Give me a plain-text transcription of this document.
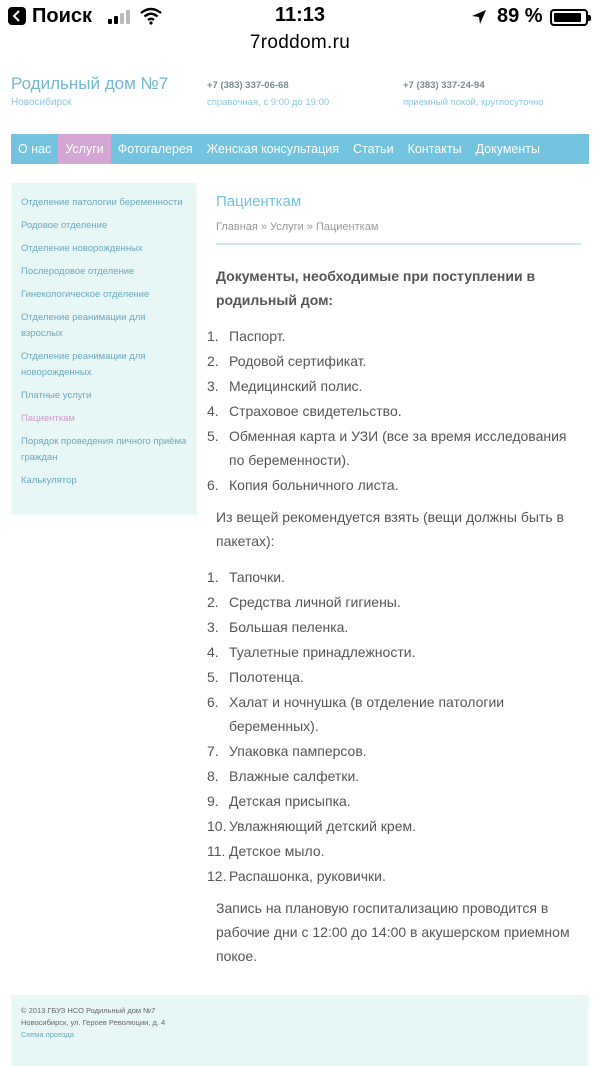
Поиск	11:13	89 %
7roddom.ru
Родильный дом №7
Новосибирск
+7 (383) 337-06-68
справочная, с 9:00 до 19:00
+7 (383) 337-24-94
приемный покой, круглосуточно
О нас	Услуги	Фотогалерея	Женская консультация	Статьи	Контакты	Документы
Отделение патологии беременности
Родовое отделение
Отделение новорожденных
Послеродовое отделение
Гинекологическое отделение
Отделение реанимации для взрослых
Отделение реанимации для новорожденных
Платные услуги
Пациенткам
Порядок проведения личного приёма граждан
Калькулятор
Пациенткам
Главная » Услуги » Пациенткам
Документы, необходимые при поступлении в родильный дом:
1. Паспорт.
2. Родовой сертификат.
3. Медицинский полис.
4. Страховое свидетельство.
5. Обменная карта и УЗИ (все за время исследования по беременности).
6. Копия больничного листа.
Из вещей рекомендуется взять (вещи должны быть в пакетах):
1. Тапочки.
2. Средства личной гигиены.
3. Большая пеленка.
4. Туалетные принадлежности.
5. Полотенца.
6. Халат и ночнушка (в отделение патологии беременных).
7. Упаковка памперсов.
8. Влажные салфетки.
9. Детская присыпка.
10. Увлажняющий детский крем.
11. Детское мыло.
12. Распашонка, руковички.
Запись на плановую госпитализацию проводится в рабочие дни с 12:00 до 14:00 в акушерском приемном покое.
© 2013 ГБУЗ НСО Родильный дом №7
Новосибирск, ул. Героев Революции, д. 4
Схема проезда
